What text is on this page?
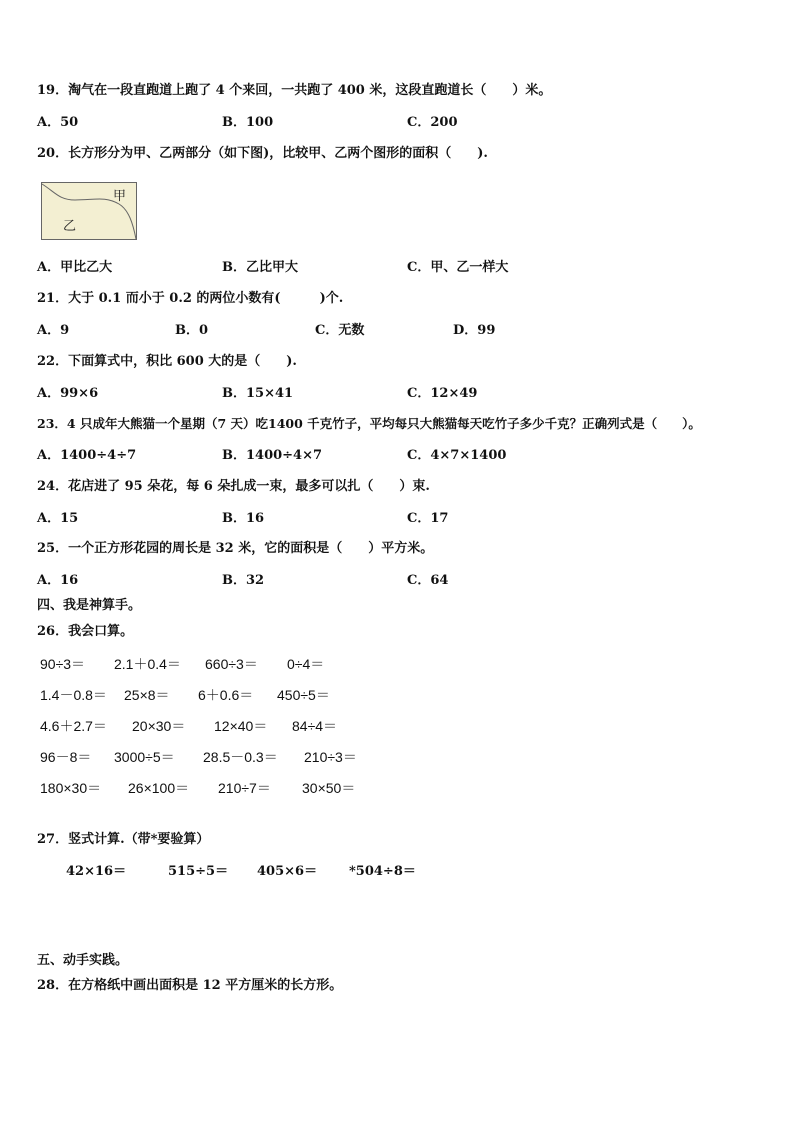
19．淘气在一段直跑道上跑了 4 个来回，一共跑了 400 米，这段直跑道长（　　）米。
A．50	B．100	C．200
20．长方形分为甲、乙两部分（如下图)，比较甲、乙两个图形的面积（　　).
甲
乙
A．甲比乙大	B．乙比甲大	C．甲、乙一样大
21．大于 0.1 而小于 0.2 的两位小数有(　　　)个.
A．9	B．0	C．无数	D．99
22．下面算式中，积比 600 大的是（　　).
A．99×6	B．15×41	C．12×49
23．4 只成年大熊猫一个星期（7 天）吃1400 千克竹子，平均每只大熊猫每天吃竹子多少千克？正确列式是（　　）。
A．1400÷4÷7	B．1400÷4×7	C．4×7×1400
24．花店进了 95 朵花，每 6 朵扎成一束，最多可以扎（　　）束.
A．15	B．16	C．17
25．一个正方形花园的周长是 32 米，它的面积是（　　）平方米。
A．16	B．32	C．64
四、我是神算手。
26．我会口算。
90÷3＝ 2.1＋0.4＝ 660÷3＝ 0÷4＝
1.4－0.8＝ 25×8＝ 6＋0.6＝ 450÷5＝
4.6＋2.7＝ 20×30＝ 12×40＝ 84÷4＝
96－8＝ 3000÷5＝ 28.5－0.3＝ 210÷3＝
180×30＝ 26×100＝ 210÷7＝ 30×50＝
27．竖式计算.（带*要验算）
42×16＝	515÷5＝ 405×6＝ *504÷8＝
五、动手实践。
28．在方格纸中画出面积是 12 平方厘米的长方形。
